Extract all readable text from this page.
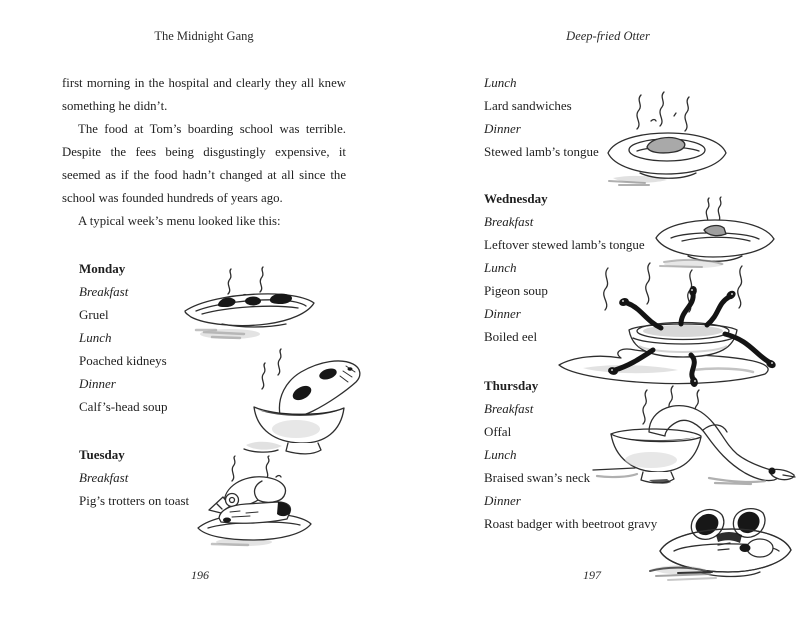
The Midnight Gang
first morning in the hospital and clearly they all knew
something he didn’t.
The food at Tom’s boarding school was terrible.
Despite the fees being disgustingly expensive, it
seemed as if the food hadn’t changed at all since the
school was founded hundreds of years ago.
A typical week’s menu looked like this:
Monday
Breakfast
Gruel
Lunch
Poached kidneys
Dinner
Calf’s-head soup
Tuesday
Breakfast
Pig’s trotters on toast
196
Deep-fried Otter
Lunch
Lard sandwiches
Dinner
Stewed lamb’s tongue
Wednesday
Breakfast
Leftover stewed lamb’s tongue
Lunch
Pigeon soup
Dinner
Boiled eel
Thursday
Breakfast
Offal
Lunch
Braised swan’s neck
Dinner
Roast badger with beetroot gravy
197
